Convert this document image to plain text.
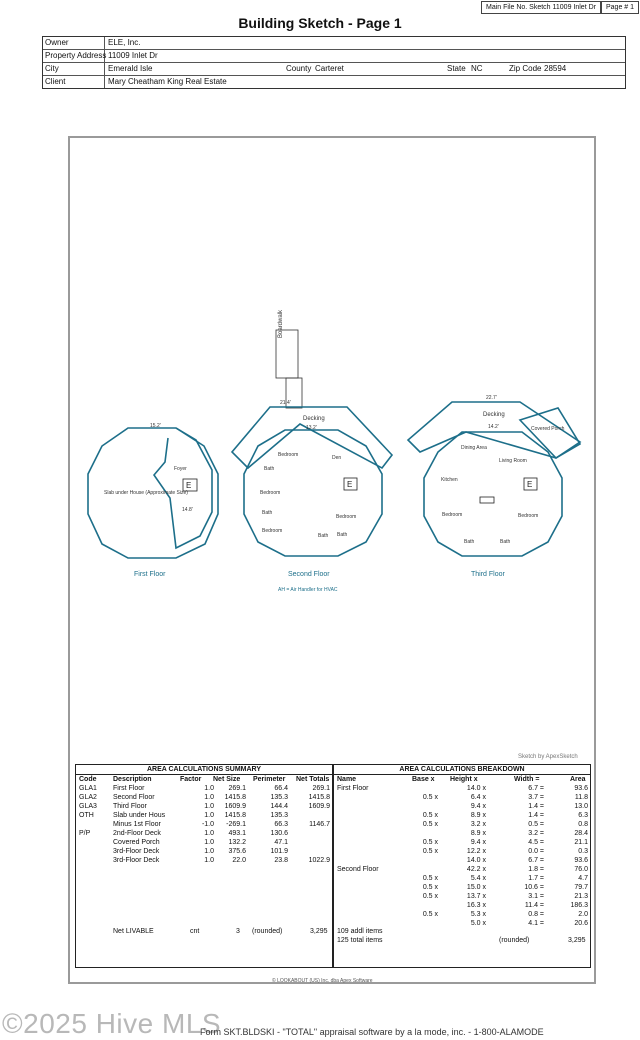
Main File No. Sketch 11009 Inlet Dr	Page # 1
Building Sketch - Page 1
Owner	ELE, Inc.
Property Address 11009 Inlet Dr
City	Emerald Isle	County Carteret	State NC	Zip Code 28594
Client	Mary Cheatham King Real Estate
Boardwalk
Decking
Decking
Covered Porch
Slab under House (Approximate Size)
Foyer
Bedroom	Den
Bedroom
Bedroom
Bedroom
Bath
Bath
Bath Bath
Dining Area
Living Room
Kitchen
Bedroom	Bedroom
Bath	Bath
15.2'
21.4'
14.2'
22.7'
13.2'
14.8'
E	E	E
First Floor	Second Floor	Third Floor
AH = Air Handler for HVAC
Sketch by ApexSketch
AREA CALCULATIONS SUMMARY
Code Description	Factor Net Size Perimeter Net Totals
GLA1 First Floor	1.0 269.1	66.4	269.1
GLA2 Second Floor	1.0 1415.8	135.3	1415.8
GLA3 Third Floor	1.0 1609.9	144.4	1609.9
OTH	Slab under Hous	1.0 1415.8	135.3
Minus 1st Floor	-1.0 -269.1	66.3	1146.7
P/P	2nd-Floor Deck	1.0 493.1	130.6
Covered Porch	1.0 132.2	47.1
3rd-Floor Deck	1.0 375.6	101.9
3rd-Floor Deck	1.0	22.0	23.8	1022.9
Net LIVABLE	cnt	3 (rounded)	3,295
AREA CALCULATIONS BREAKDOWN
Name	Base x Height x	Width =	Area
First Floor	14.0 x	6.7 =	93.6
0.5 x	6.4 x	3.7 =	11.8
9.4 x	1.4 =	13.0
0.5 x	8.9 x	1.4 =	6.3
0.5 x	3.2 x	0.5 =	0.8
8.9 x	3.2 =	28.4
0.5 x	9.4 x	4.5 =	21.1
0.5 x	12.2 x	0.0 =	0.3
14.0 x	6.7 =	93.6
Second Floor	42.2 x	1.8 =	76.0
0.5 x	5.4 x	1.7 =	4.7
0.5 x	15.0 x	10.6 =	79.7
0.5 x	13.7 x	3.1 =	21.3
16.3 x	11.4 =	186.3
0.5 x	5.3 x	0.8 =	2.0
5.0 x	4.1 =	20.6
109 addl items
125 total items	(rounded)	3,295
© LOOKABOUT (US) Inc. dba Apex Software
©2025 Hive MLS
Form SKT.BLDSKI - "TOTAL" appraisal software by a la mode, inc. - 1-800-ALAMODE
